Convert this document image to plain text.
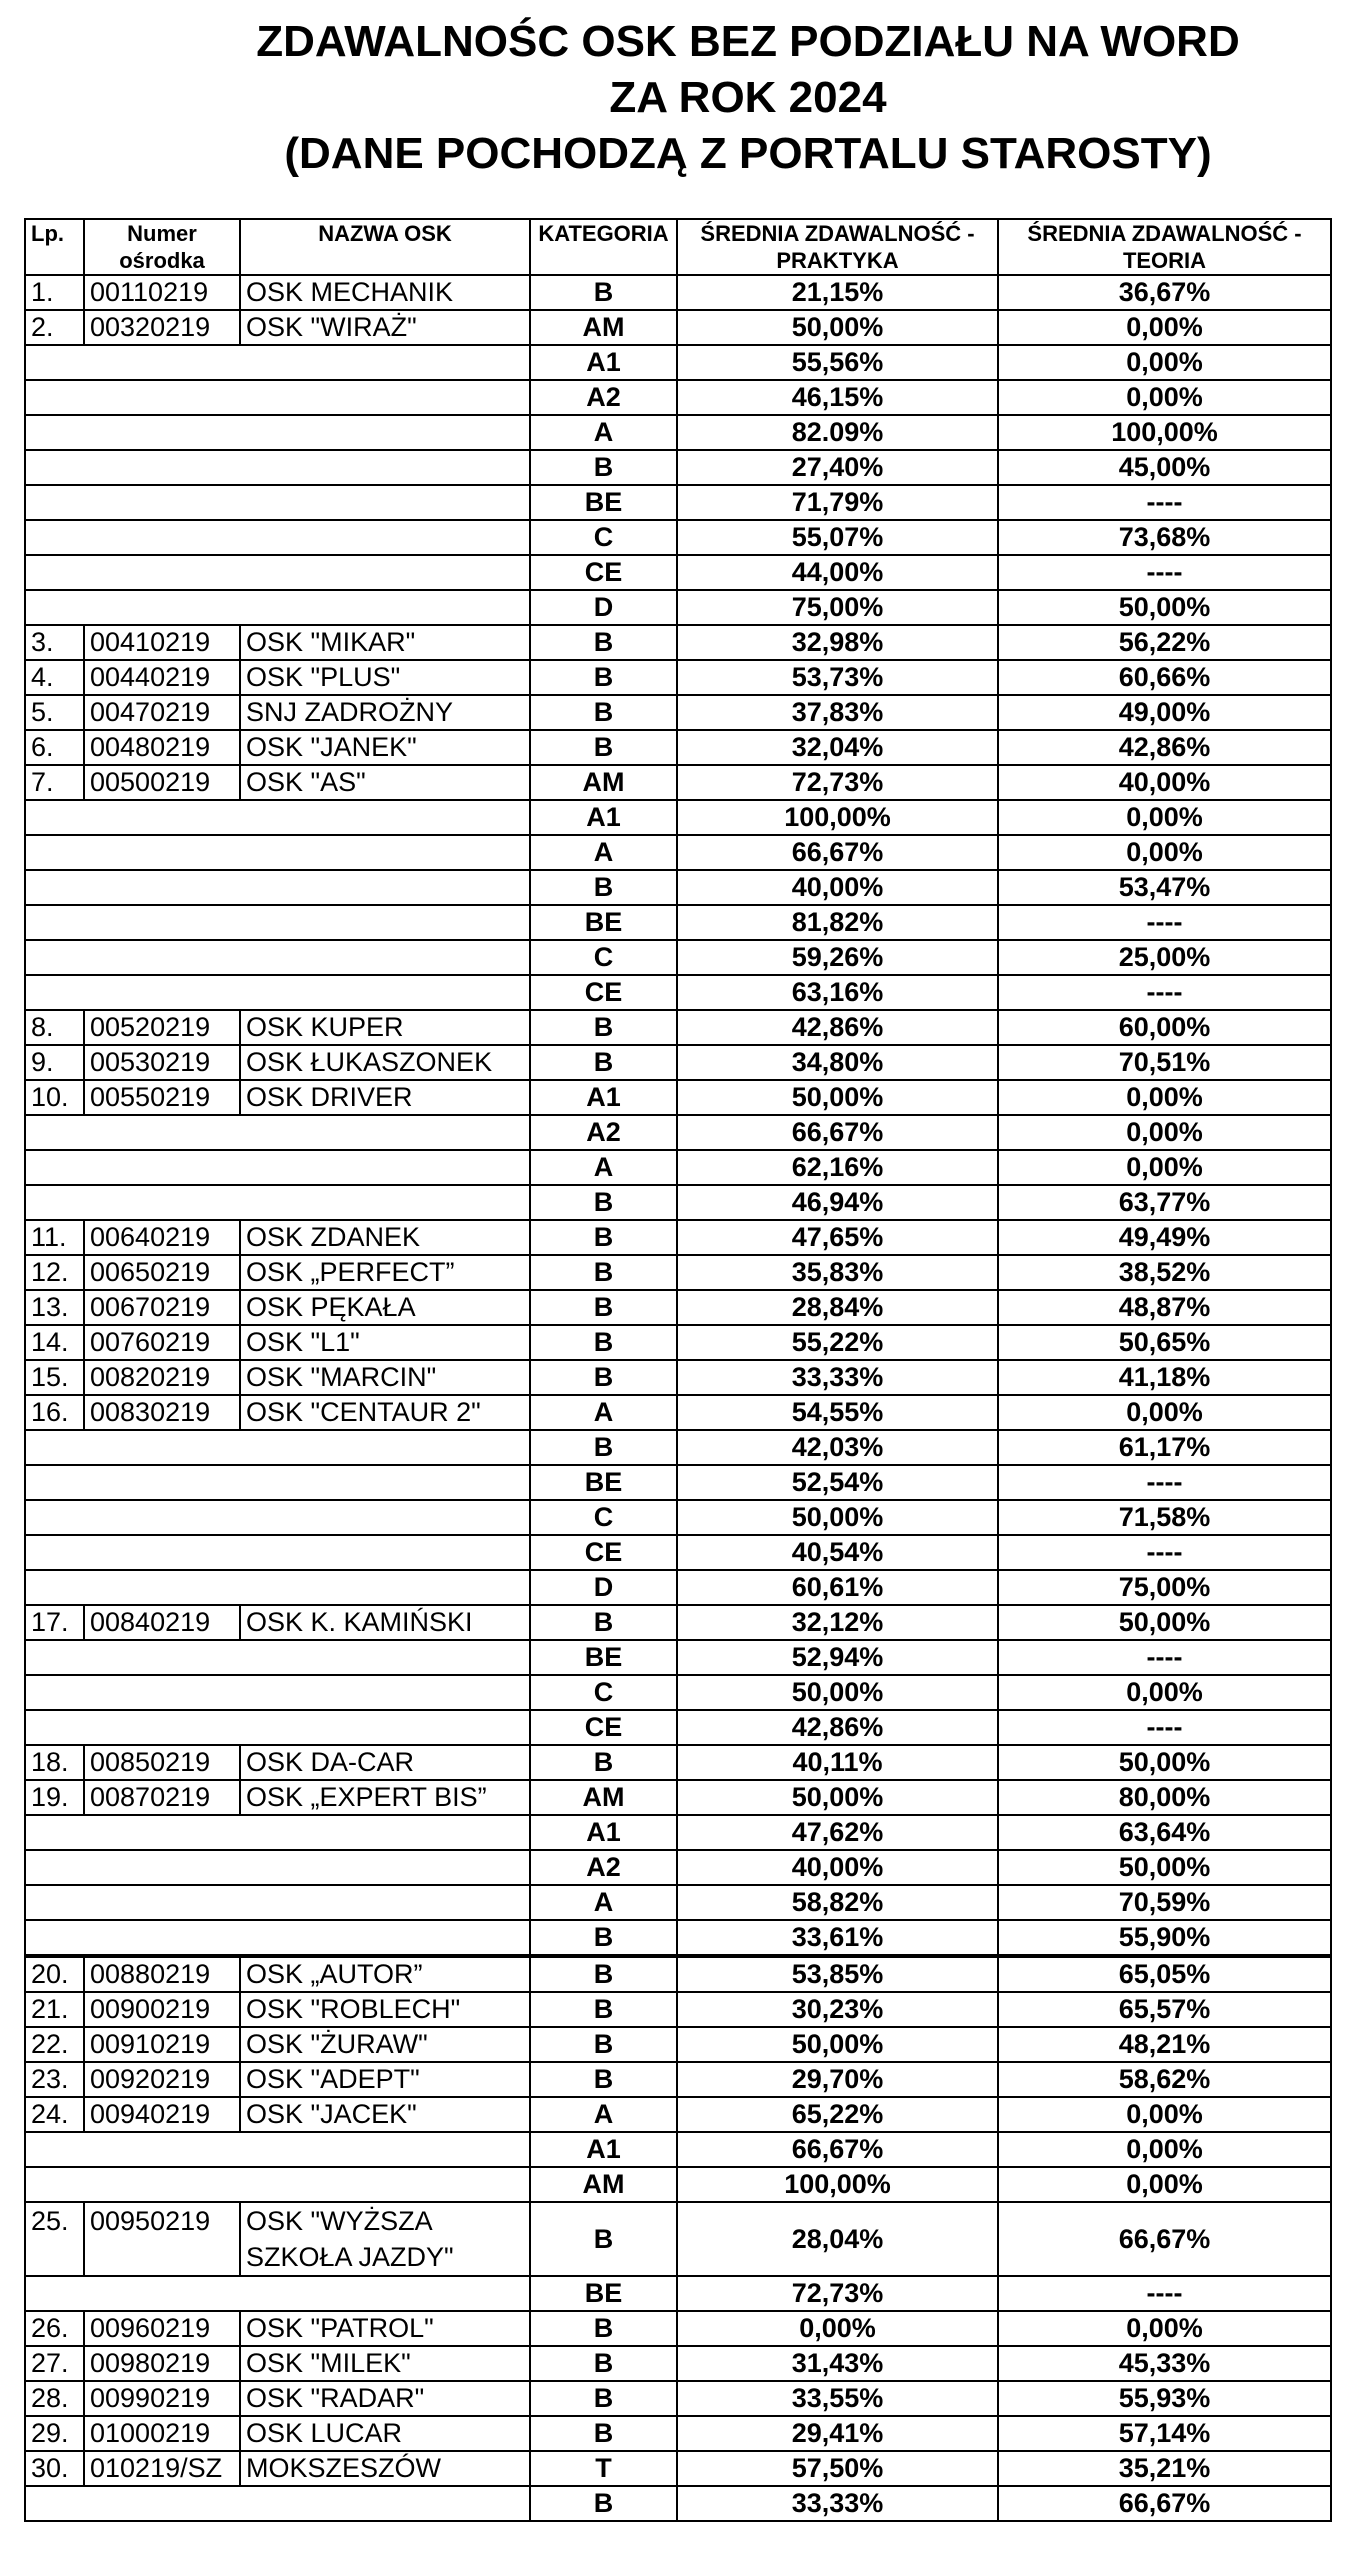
ZDAWALNOŚC OSK BEZ PODZIAŁU NA WORD
ZA ROK 2024
(DANE POCHODZĄ Z PORTALU STAROSTY)
Lp.	Numer ośrodka	NAZWA OSK	KATEGORIA	ŚREDNIA ZDAWALNOŚĆ - PRAKTYKA	ŚREDNIA ZDAWALNOŚĆ - TEORIA
1.	00110219	OSK MECHANIK	B	21,15%	36,67%
2.	00320219	OSK "WIRAŻ"	AM	50,00%	0,00%
			A1	55,56%	0,00%
			A2	46,15%	0,00%
			A	82.09%	100,00%
			B	27,40%	45,00%
			BE	71,79%	----
			C	55,07%	73,68%
			CE	44,00%	----
			D	75,00%	50,00%
3.	00410219	OSK "MIKAR"	B	32,98%	56,22%
4.	00440219	OSK "PLUS"	B	53,73%	60,66%
5.	00470219	SNJ ZADROŻNY	B	37,83%	49,00%
6.	00480219	OSK "JANEK"	B	32,04%	42,86%
7.	00500219	OSK "AS"	AM	72,73%	40,00%
			A1	100,00%	0,00%
			A	66,67%	0,00%
			B	40,00%	53,47%
			BE	81,82%	----
			C	59,26%	25,00%
			CE	63,16%	----
8.	00520219	OSK KUPER	B	42,86%	60,00%
9.	00530219	OSK ŁUKASZONEK	B	34,80%	70,51%
10.	00550219	OSK DRIVER	A1	50,00%	0,00%
			A2	66,67%	0,00%
			A	62,16%	0,00%
			B	46,94%	63,77%
11.	00640219	OSK ZDANEK	B	47,65%	49,49%
12.	00650219	OSK „PERFECT”	B	35,83%	38,52%
13.	00670219	OSK PĘKAŁA	B	28,84%	48,87%
14.	00760219	OSK "L1"	B	55,22%	50,65%
15.	00820219	OSK "MARCIN"	B	33,33%	41,18%
16.	00830219	OSK "CENTAUR 2"	A	54,55%	0,00%
			B	42,03%	61,17%
			BE	52,54%	----
			C	50,00%	71,58%
			CE	40,54%	----
			D	60,61%	75,00%
17.	00840219	OSK K. KAMIŃSKI	B	32,12%	50,00%
			BE	52,94%	----
			C	50,00%	0,00%
			CE	42,86%	----
18.	00850219	OSK DA-CAR	B	40,11%	50,00%
19.	00870219	OSK „EXPERT BIS”	AM	50,00%	80,00%
			A1	47,62%	63,64%
			A2	40,00%	50,00%
			A	58,82%	70,59%
			B	33,61%	55,90%
20.	00880219	OSK „AUTOR”	B	53,85%	65,05%
21.	00900219	OSK "ROBLECH"	B	30,23%	65,57%
22.	00910219	OSK "ŻURAW"	B	50,00%	48,21%
23.	00920219	OSK "ADEPT"	B	29,70%	58,62%
24.	00940219	OSK "JACEK"	A	65,22%	0,00%
			A1	66,67%	0,00%
			AM	100,00%	0,00%
25.	00950219	OSK "WYŻSZA SZKOŁA JAZDY"	B	28,04%	66,67%
			BE	72,73%	----
26.	00960219	OSK "PATROL"	B	0,00%	0,00%
27.	00980219	OSK "MILEK"	B	31,43%	45,33%
28.	00990219	OSK "RADAR"	B	33,55%	55,93%
29.	01000219	OSK LUCAR	B	29,41%	57,14%
30.	010219/SZ	MOKSZESZÓW	T	57,50%	35,21%
			B	33,33%	66,67%
